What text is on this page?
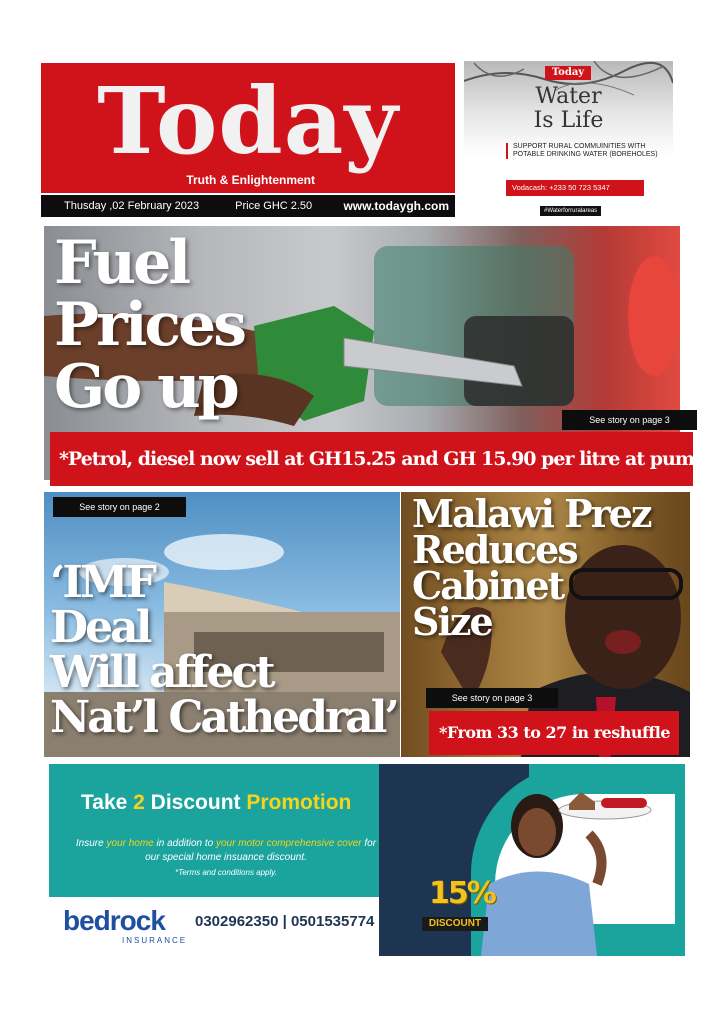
Today
Truth & Enlightenment
Thusday ,02 February 2023	Price GHC 2.50	www.todaygh.com
Today
Water
Is Life
SUPPORT RURAL COMMUINITIES WITH POTABLE DRINKING WATER (BOREHOLES)
Vodacash: +233 50 723 5347
#Waterforruralareas
Fuel
Prices
Go up	See story on page 3
*Petrol, diesel now sell at GH15.25 and GH 15.90 per litre at pumps
See story on page 2
‘IMF
Deal
Will affect
Nat’l Cathedral’
Malawi Prez
Reduces
Cabinet
Size
See story on page 3
*From 33 to 27 in reshuffle
Take 2 Discount Promotion
Insure your home in addition to your motor comprehensive cover for our special home insuance discount.
*Terms and conditions apply.
bedrock
INSURANCE
0302962350 | 0501535774
15%
DISCOUNT
